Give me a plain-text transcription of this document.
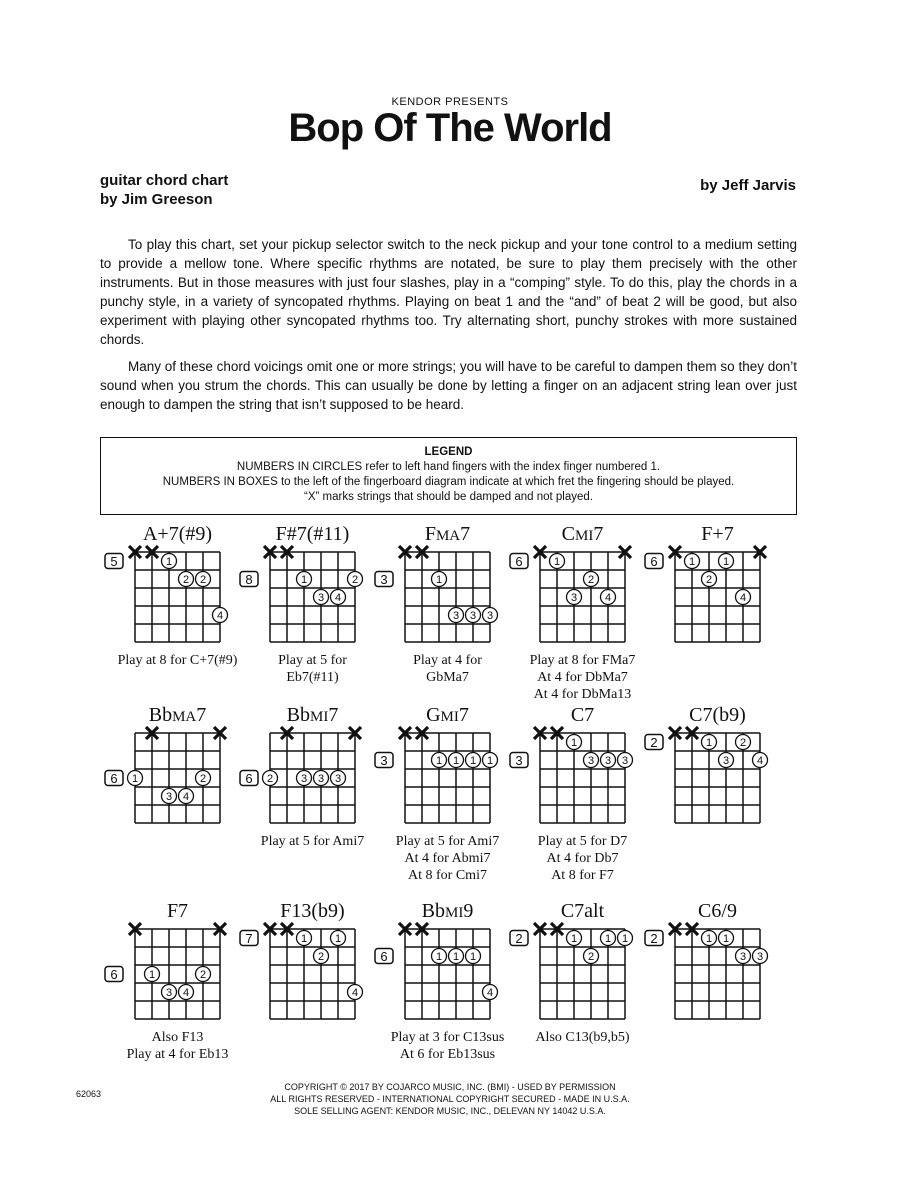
KENDOR PRESENTS
Bop Of The World
guitar chord chart
by Jim Greeson
by Jeff Jarvis

To play this chart, set your pickup selector switch to the neck pickup and your tone control to a medium setting to provide a mellow tone. Where specific rhythms are notated, be sure to play them precisely with the other instruments. But in those measures with just four slashes, play in a “comping” style. To do this, play the chords in a punchy style, in a variety of syncopated rhythms. Playing on beat 1 and the “and” of beat 2 will be good, but also experiment with playing other syncopated rhythms too. Try alternating short, punchy strokes with more sustained chords.

Many of these chord voicings omit one or more strings; you will have to be careful to dampen them so they don’t sound when you strum the chords. This can usually be done by letting a finger on an adjacent string lean over just enough to dampen the string that isn’t supposed to be heard.

LEGEND
NUMBERS IN CIRCLES refer to left hand fingers with the index finger numbered 1.
NUMBERS IN BOXES to the left of the fingerboard diagram indicate at which fret the fingering should be played.
“X” marks strings that should be damped and not played.
A+7(#9)
5	1
2 2
4
Play at 8 for C+7(#9)
F#7(#11)
8	1	2
3 4
Play at 5 for
Eb7(#11)
FMA7
3	1
3 3 3
Play at 4 for
GbMa7
CMI7
6	1
2
3	4
Play at 8 for FMa7
At 4 for DbMa7
At 4 for DbMa13
F+7
6	1	1
2
4
BbMA7
6 1	2
3 4
BbMI7
6 2	3 3 3
Play at 5 for Ami7
GMI7
3	1 1 1 1
Play at 5 for Ami7
At 4 for Abmi7
At 8 for Cmi7
C7
3
1
3 3 3
Play at 5 for D7
At 4 for Db7
At 8 for F7
C7(b9)
2	1	2
3	4
F7
6	1	2
3 4
Also F13
Play at 4 for Eb13
F13(b9)
7	1	1
2
4
BbMI9
6	1 1 1
4
Play at 3 for C13sus
At 6 for Eb13sus
C7alt
2	1	1 1
2
Also C13(b9,b5)
C6/9
2	1 1
3 3
62063
COPYRIGHT © 2017 BY COJARCO MUSIC, INC. (BMI) - USED BY PERMISSION
ALL RIGHTS RESERVED - INTERNATIONAL COPYRIGHT SECURED - MADE IN U.S.A.
SOLE SELLING AGENT: KENDOR MUSIC, INC., DELEVAN NY 14042 U.S.A.
